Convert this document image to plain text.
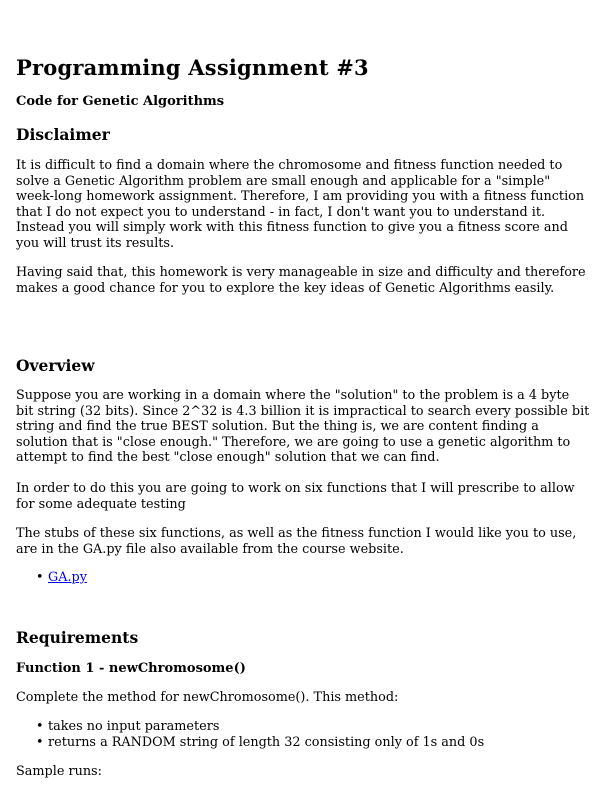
Programming Assignment #3
Code for Genetic Algorithms
Disclaimer

It is difficult to find a domain where the chromosome and fitness function needed to solve a Genetic Algorithm problem are small enough and applicable for a "simple" week-long homework assignment. Therefore, I am providing you with a fitness function that I do not expect you to understand - in fact, I don't want you to understand it. Instead you will simply work with this fitness function to give you a fitness score and you will trust its results.

Having said that, this homework is very manageable in size and difficulty and therefore makes a good chance for you to explore the key ideas of Genetic Algorithms easily.

Overview

Suppose you are working in a domain where the "solution" to the problem is a 4 byte bit string (32 bits). Since 2^32 is 4.3 billion it is impractical to search every possible bit string and find the true BEST solution. But the thing is, we are content finding a solution that is "close enough." Therefore, we are going to use a genetic algorithm to attempt to find the best "close enough" solution that we can find.

In order to do this you are going to work on six functions that I will prescribe to allow for some adequate testing

The stubs of these six functions, as well as the fitness function I would like you to use, are in the GA.py file also available from the course website.

• GA.py
Requirements
Function 1 - newChromosome()

Complete the method for newChromosome(). This method:

• takes no input parameters
• returns a RANDOM string of length 32 consisting only of 1s and 0s

Sample runs:
